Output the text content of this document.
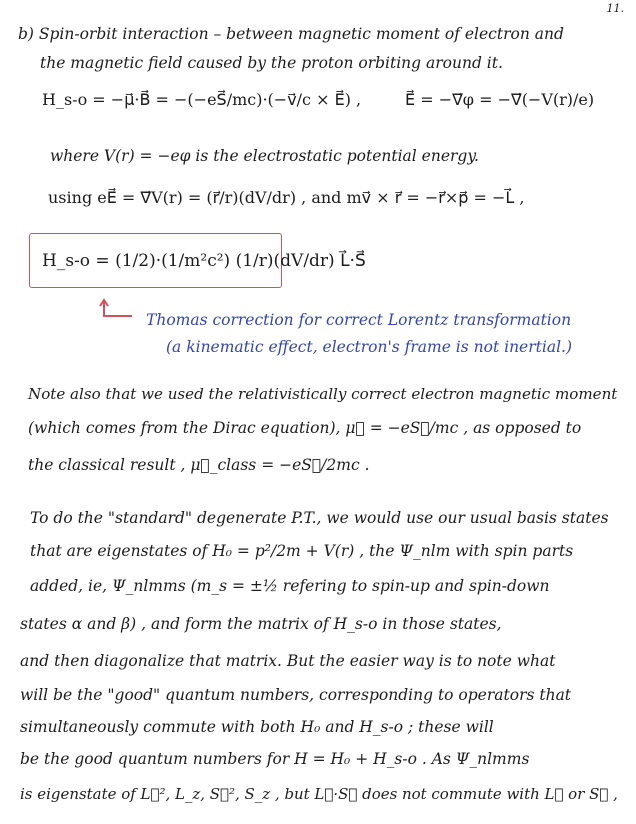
11.
b) Spin-orbit interaction – between magnetic moment of electron and
the magnetic field caused by the proton orbiting around it.
H_s-o = −μ⃗·B⃗ = −(−eS⃗/mc)·(−v⃗/c × E⃗) ,	E⃗ = −∇⃗φ = −∇⃗(−V(r)/e)
where V(r) = −eφ is the electrostatic potential energy.
using eE⃗ = ∇⃗V(r) = (r⃗/r)(dV/dr) , and mv⃗ × r⃗ = −r⃗×p⃗ = −L⃗ ,
H_s-o = (1/2)·(1/m²c²) (1/r)(dV/dr) L⃗·S⃗
Thomas correction for correct Lorentz transformation
(a kinematic effect, electron's frame is not inertial.)
Note also that we used the relativistically correct electron magnetic moment
(which comes from the Dirac equation), μ⃗ = −eS⃗/mc , as opposed to
the classical result , μ⃗_class = −eS⃗/2mc .
To do the "standard" degenerate P.T., we would use our usual basis states
that are eigenstates of H₀ = p²/2m + V(r) , the Ψ_nlm with spin parts
added, ie, Ψ_nlmms (m_s = ±½ refering to spin-up and spin-down
states α and β) , and form the matrix of H_s-o in those states,
and then diagonalize that matrix. But the easier way is to note what
will be the "good" quantum numbers, corresponding to operators that
simultaneously commute with both H₀ and H_s-o ; these will
be the good quantum numbers for H = H₀ + H_s-o . As Ψ_nlmms
is eigenstate of L⃗², L_z, S⃗², S_z , but L⃗·S⃗ does not commute with L⃗ or S⃗ ,
